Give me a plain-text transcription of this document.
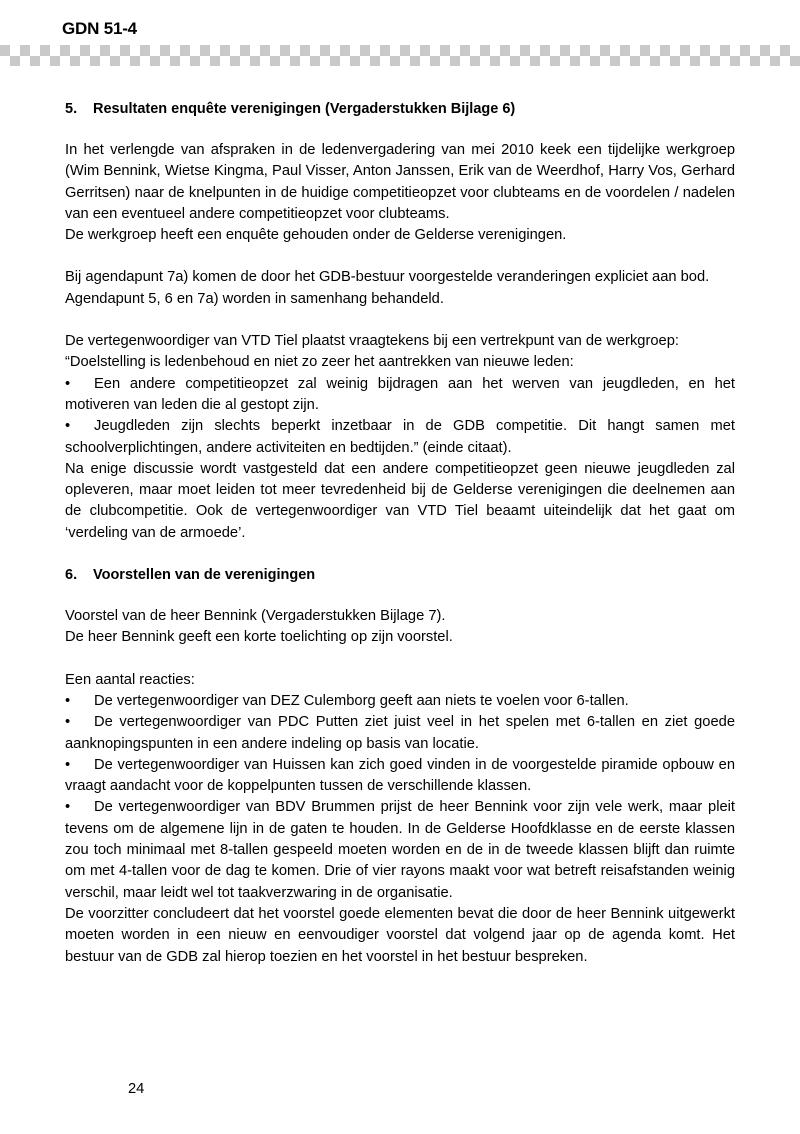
GDN 51-4
5.	Resultaten enquête verenigingen (Vergaderstukken Bijlage 6)

In het verlengde van afspraken in de ledenvergadering van mei 2010 keek een tijdelijke werkgroep (Wim Bennink, Wietse Kingma, Paul Visser, Anton Janssen, Erik van de Weerdhof, Harry Vos, Gerhard Gerritsen) naar de knelpunten in de huidige competitieopzet voor clubteams en de voordelen / nadelen van een eventueel andere competitieopzet voor clubteams.

De werkgroep heeft een enquête gehouden onder de Gelderse verenigingen.

Bij agendapunt 7a) komen de door het GDB-bestuur voorgestelde veranderingen expliciet aan bod.

Agendapunt 5, 6 en 7a) worden in samenhang behandeld.

De vertegenwoordiger van VTD Tiel plaatst vraagtekens bij een vertrekpunt van de werkgroep:

“Doelstelling is ledenbehoud en niet zo zeer het aantrekken van nieuwe leden:

• Een andere competitieopzet zal weinig bijdragen aan het werven van jeugdleden, en het motiveren van leden die al gestopt zijn.

• Jeugdleden zijn slechts beperkt inzetbaar in de GDB competitie. Dit hangt samen met schoolverplichtingen, andere activiteiten en bedtijden.” (einde citaat).

Na enige discussie wordt vastgesteld dat een andere competitieopzet geen nieuwe jeugdleden zal opleveren, maar moet leiden tot meer tevredenheid bij de Gelderse verenigingen die deelnemen aan de clubcompetitie. Ook de vertegenwoordiger van VTD Tiel beaamt uiteindelijk dat het gaat om ‘verdeling van de armoede’.

6.	Voorstellen van de verenigingen

Voorstel van de heer Bennink (Vergaderstukken Bijlage 7).

De heer Bennink geeft een korte toelichting op zijn voorstel.

Een aantal reacties:

• De vertegenwoordiger van DEZ Culemborg geeft aan niets te voelen voor 6-tallen.

• De vertegenwoordiger van PDC Putten ziet juist veel in het spelen met 6-tallen en ziet goede aanknopingspunten in een andere indeling op basis van locatie.

• De vertegenwoordiger van Huissen kan zich goed vinden in de voorgestelde piramide opbouw en vraagt aandacht voor de koppelpunten tussen de verschillende klassen.

• De vertegenwoordiger van BDV Brummen prijst de heer Bennink voor zijn vele werk, maar pleit tevens om de algemene lijn in de gaten te houden. In de Gelderse Hoofdklasse en de eerste klassen zou toch minimaal met 8-tallen gespeeld moeten worden en de in de tweede klassen blijft dan ruimte om met 4-tallen voor de dag te komen. Drie of vier rayons maakt voor wat betreft reisafstanden weinig verschil, maar leidt wel tot taakverzwaring in de organisatie.

De voorzitter concludeert dat het voorstel goede elementen bevat die door de heer Bennink uitgewerkt moeten worden in een nieuw en eenvoudiger voorstel dat volgend jaar op de agenda komt. Het bestuur van de GDB zal hierop toezien en het voorstel in het bestuur bespreken.

24
